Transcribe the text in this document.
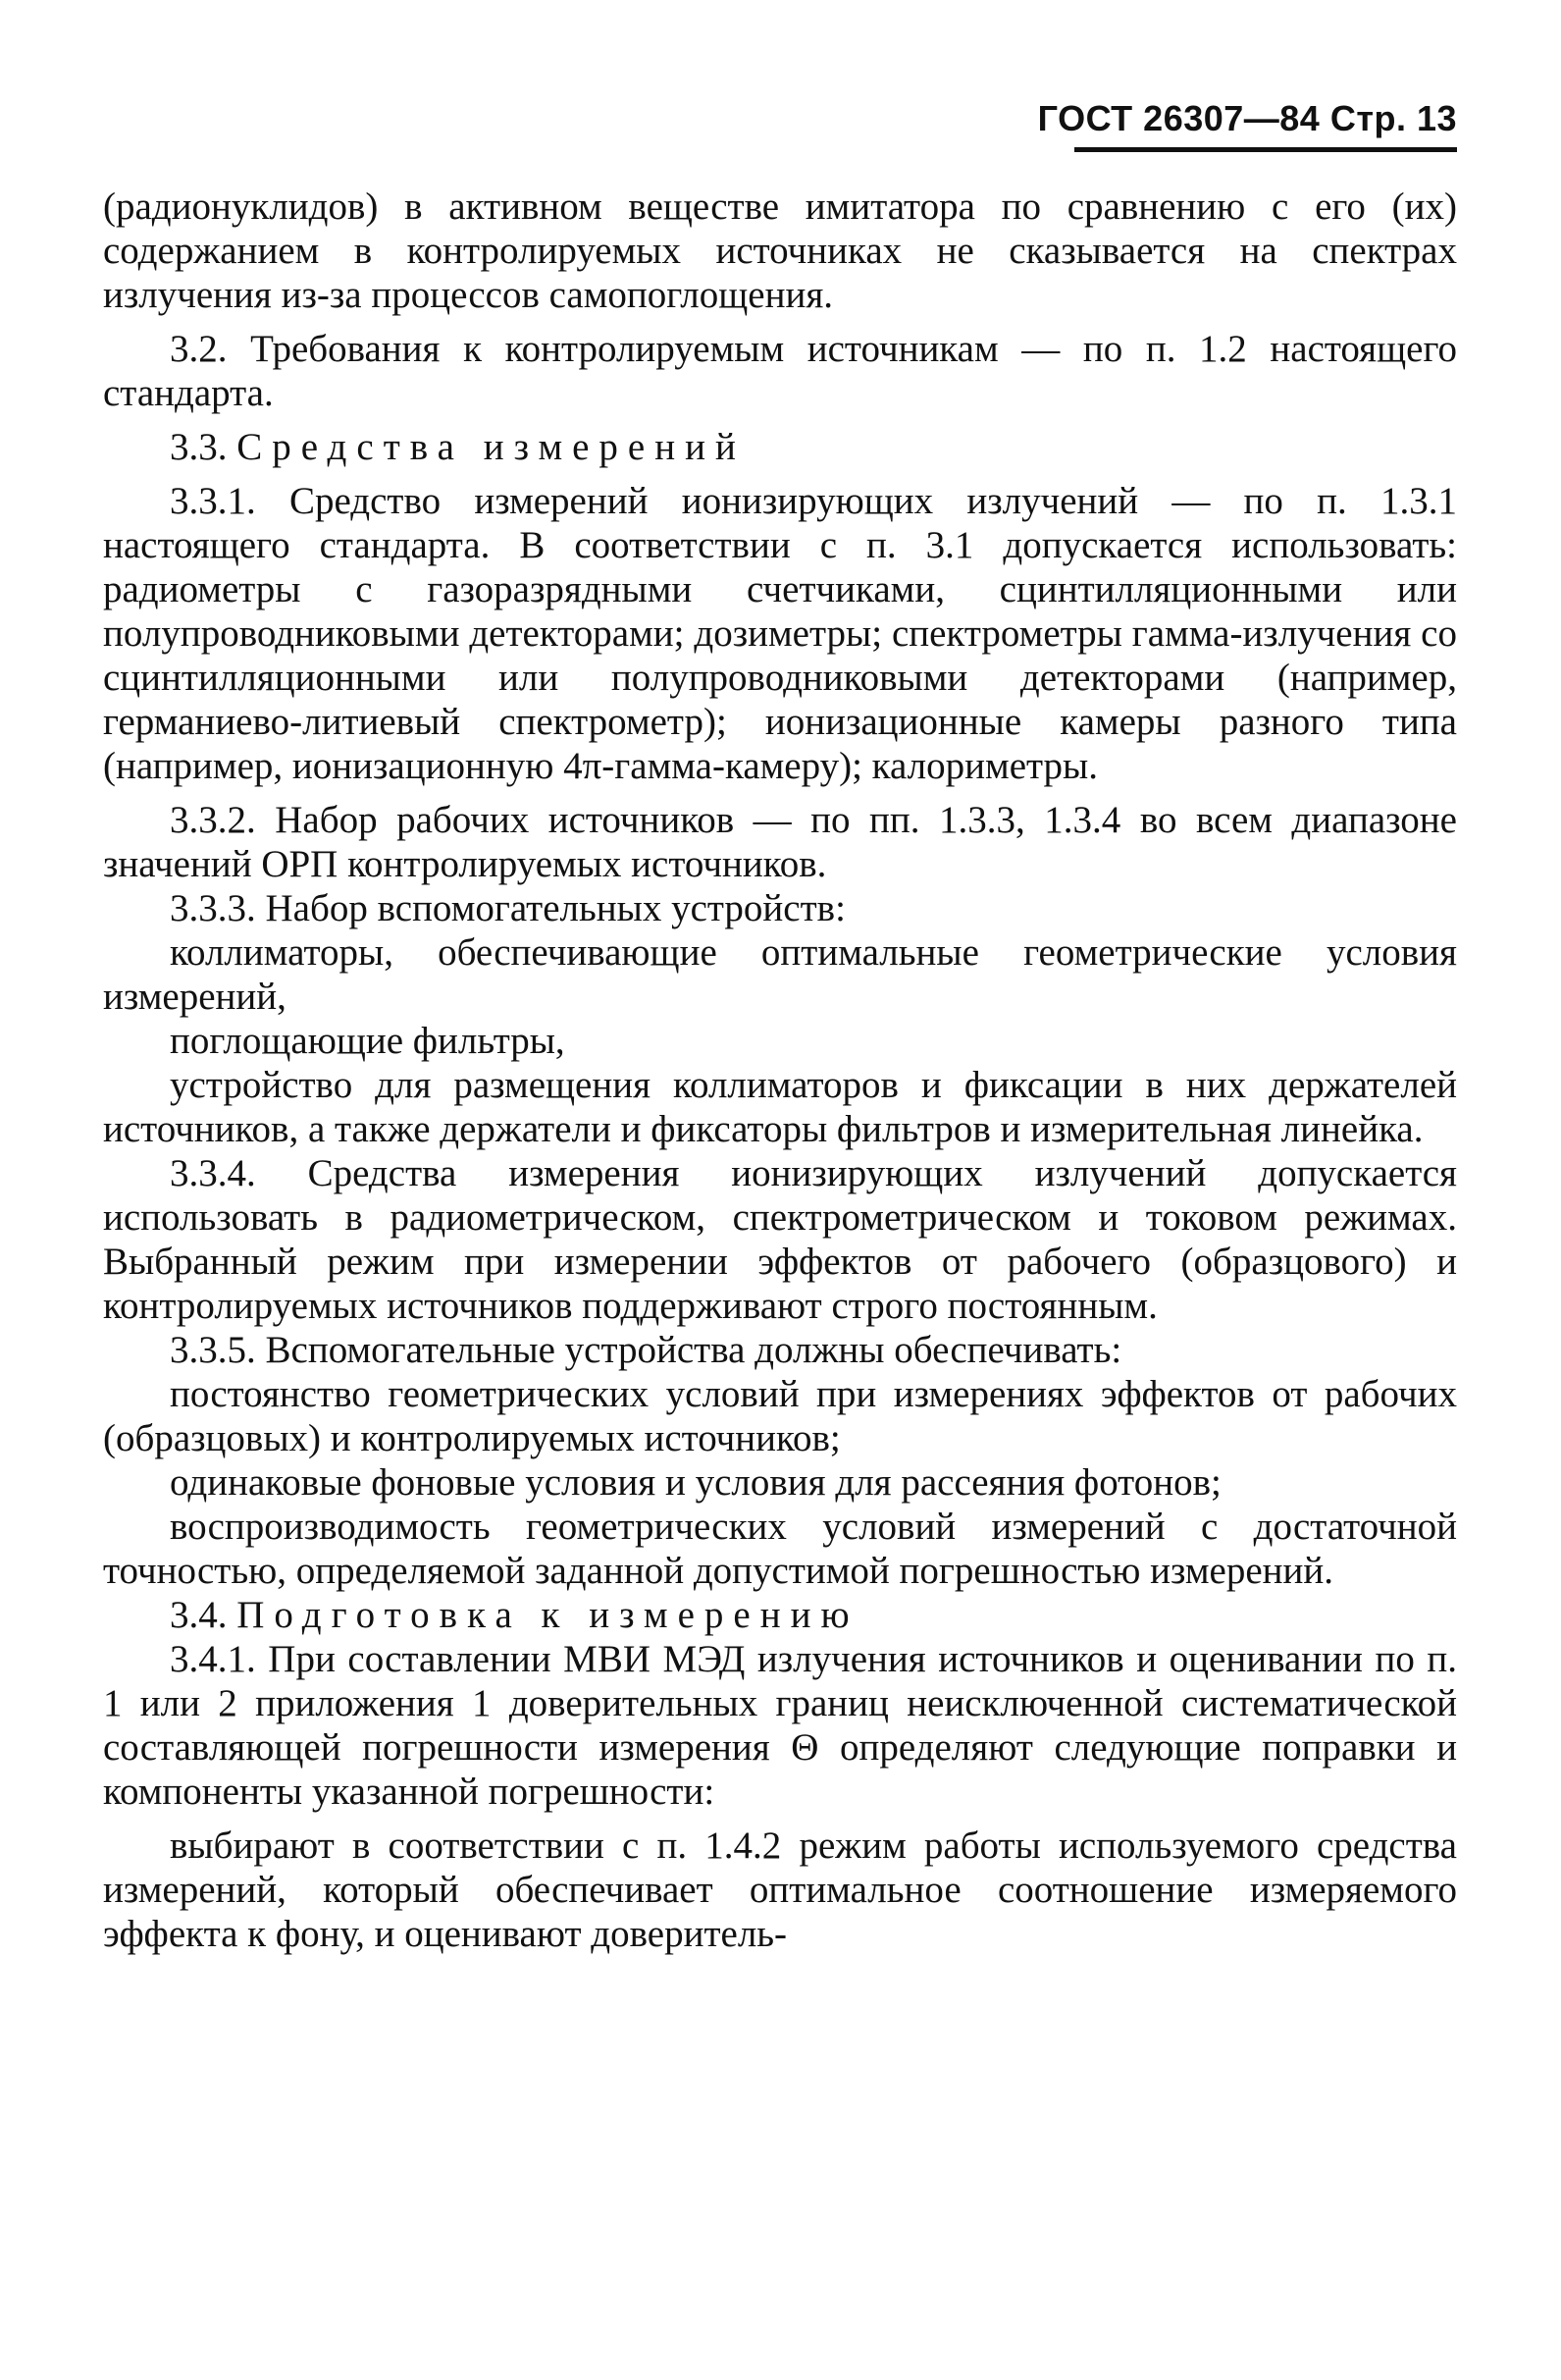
ГОСТ 26307—84 Стр. 13

(радионуклидов) в активном веществе имитатора по сравнению с его (их) содержанием в контролируемых источниках не сказывается на спектрах излучения из-за процессов самопоглощения.

3.2. Требования к контролируемым источникам — по п. 1.2 настоящего стандарта.

3.3. Средства измерений

3.3.1. Средство измерений ионизирующих излучений — по п. 1.3.1 настоящего стандарта. В соответствии с п. 3.1 допускается использовать: радиометры с газоразрядными счетчиками, сцинтилляционными или полупроводниковыми детекторами; дозиметры; спектрометры гамма-излучения со сцинтилляционными или полупроводниковыми детекторами (например, германиево-литиевый спектрометр); ионизационные камеры разного типа (например, ионизационную 4π-гамма-камеру); калориметры.

3.3.2. Набор рабочих источников — по пп. 1.3.3, 1.3.4 во всем диапазоне значений ОРП контролируемых источников.

3.3.3. Набор вспомогательных устройств:

коллиматоры, обеспечивающие оптимальные геометрические условия измерений,

поглощающие фильтры,

устройство для размещения коллиматоров и фиксации в них держателей источников, а также держатели и фиксаторы фильтров и измерительная линейка.

3.3.4. Средства измерения ионизирующих излучений допускается использовать в радиометрическом, спектрометрическом и токовом режимах. Выбранный режим при измерении эффектов от рабочего (образцового) и контролируемых источников поддерживают строго постоянным.

3.3.5. Вспомогательные устройства должны обеспечивать:

постоянство геометрических условий при измерениях эффектов от рабочих (образцовых) и контролируемых источников;

одинаковые фоновые условия и условия для рассеяния фотонов;

воспроизводимость геометрических условий измерений с достаточной точностью, определяемой заданной допустимой погрешностью измерений.

3.4. Подготовка к измерению

3.4.1. При составлении МВИ МЭД излучения источников и оценивании по п. 1 или 2 приложения 1 доверительных границ неисключенной систематической составляющей погрешности измерения Θ определяют следующие поправки и компоненты указанной погрешности:

выбирают в соответствии с п. 1.4.2 режим работы используемого средства измерений, который обеспечивает оптимальное соотношение измеряемого эффекта к фону, и оценивают доверитель-
